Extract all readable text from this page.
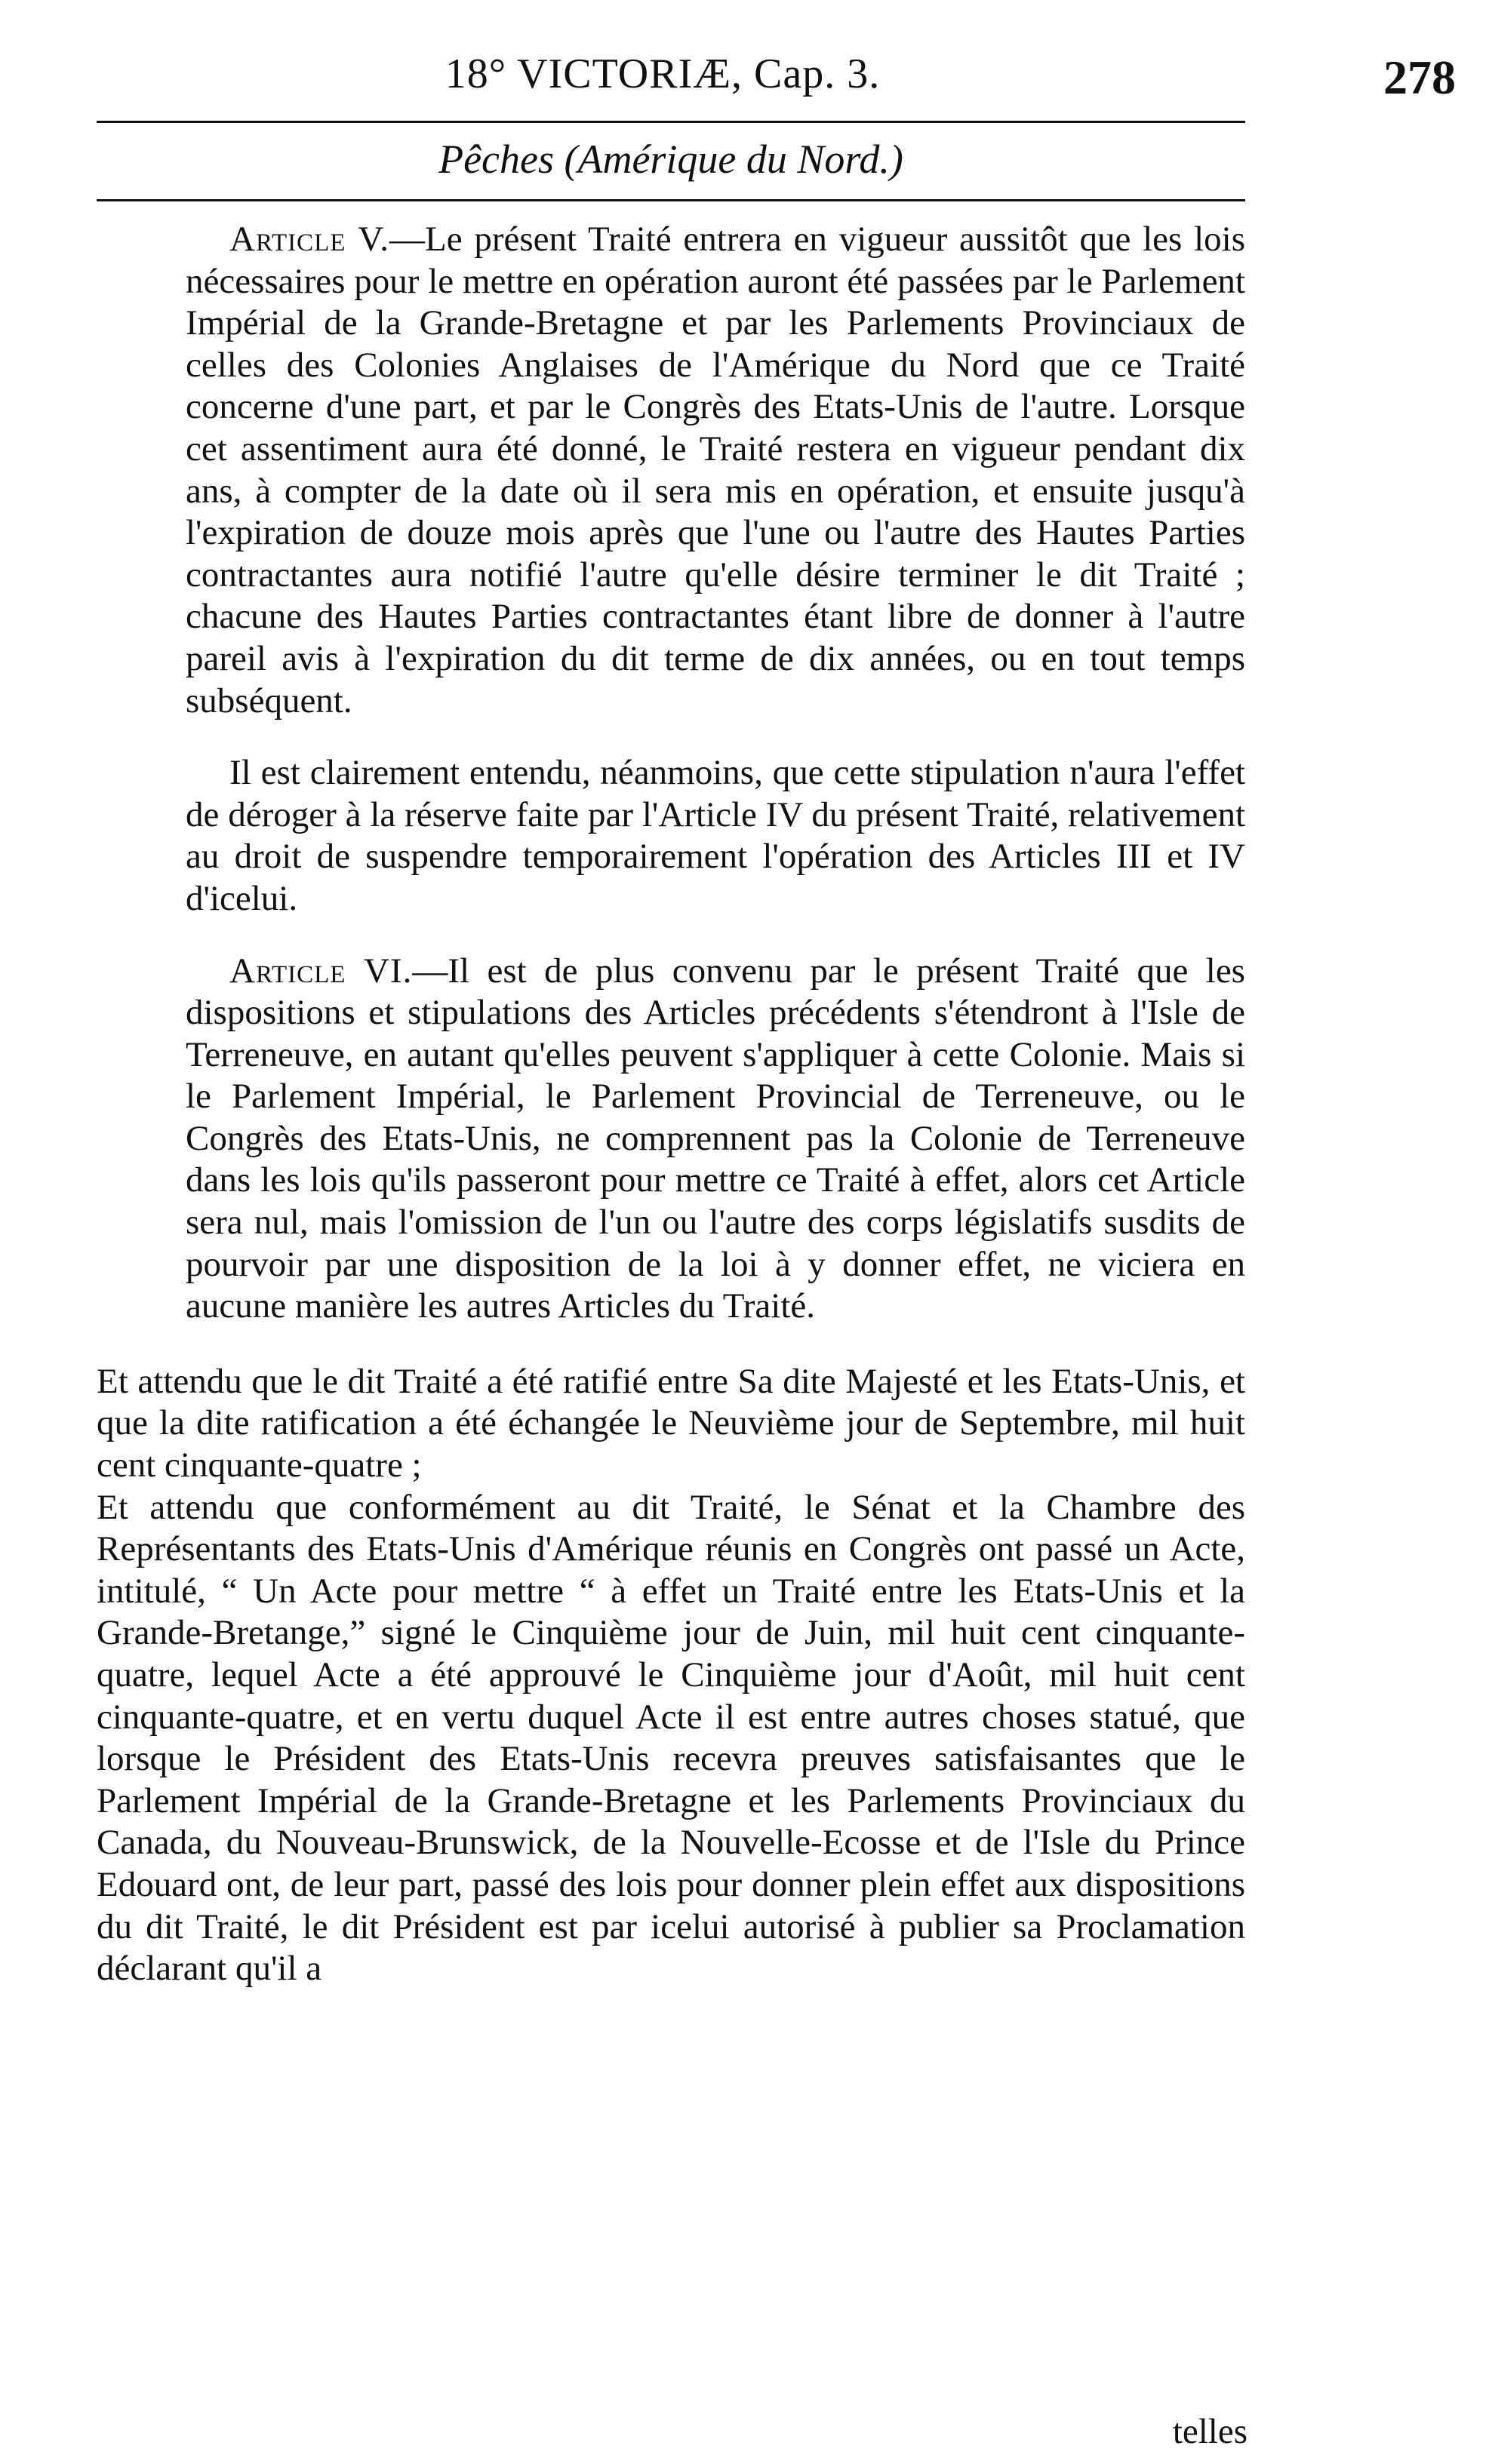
18° VICTORIÆ, Cap. 3.	278
Pêches (Amérique du Nord.)

Article V.—Le présent Traité entrera en vigueur aussitôt que les lois nécessaires pour le mettre en opération auront été passées par le Parlement Impérial de la Grande-Bretagne et par les Parlements Provinciaux de celles des Colonies Anglaises de l'Amérique du Nord que ce Traité concerne d'une part, et par le Congrès des Etats-Unis de l'autre. Lorsque cet assentiment aura été donné, le Traité restera en vigueur pendant dix ans, à compter de la date où il sera mis en opération, et ensuite jusqu'à l'expiration de douze mois après que l'une ou l'autre des Hautes Parties contractantes aura notifié l'autre qu'elle désire terminer le dit Traité ; chacune des Hautes Parties contractantes étant libre de donner à l'autre pareil avis à l'expiration du dit terme de dix années, ou en tout temps subséquent.

Il est clairement entendu, néanmoins, que cette stipulation n'aura l'effet de déroger à la réserve faite par l'Article IV du présent Traité, relativement au droit de suspendre temporairement l'opération des Articles III et IV d'icelui.

Article VI.—Il est de plus convenu par le présent Traité que les dispositions et stipulations des Articles précédents s'étendront à l'Isle de Terreneuve, en autant qu'elles peuvent s'appliquer à cette Colonie. Mais si le Parlement Impérial, le Parlement Provincial de Terreneuve, ou le Congrès des Etats-Unis, ne comprennent pas la Colonie de Terreneuve dans les lois qu'ils passeront pour mettre ce Traité à effet, alors cet Article sera nul, mais l'omission de l'un ou l'autre des corps législatifs susdits de pourvoir par une disposition de la loi à y donner effet, ne viciera en aucune manière les autres Articles du Traité.

Et attendu que le dit Traité a été ratifié entre Sa dite Majesté et les Etats-Unis, et que la dite ratification a été échangée le Neuvième jour de Septembre, mil huit cent cinquante-quatre ;

Et attendu que conformément au dit Traité, le Sénat et la Chambre des Représentants des Etats-Unis d'Amérique réunis en Congrès ont passé un Acte, intitulé, “ Un Acte pour mettre “ à effet un Traité entre les Etats-Unis et la Grande-Bretange,” signé le Cinquième jour de Juin, mil huit cent cinquante-quatre, lequel Acte a été approuvé le Cinquième jour d'Août, mil huit cent cinquante-quatre, et en vertu duquel Acte il est entre autres choses statué, que lorsque le Président des Etats-Unis recevra preuves satisfaisantes que le Parlement Impérial de la Grande-Bretagne et les Parlements Provinciaux du Canada, du Nouveau-Brunswick, de la Nouvelle-Ecosse et de l'Isle du Prince Edouard ont, de leur part, passé des lois pour donner plein effet aux dispositions du dit Traité, le dit Président est par icelui autorisé à publier sa Proclamation déclarant qu'il a

telles
